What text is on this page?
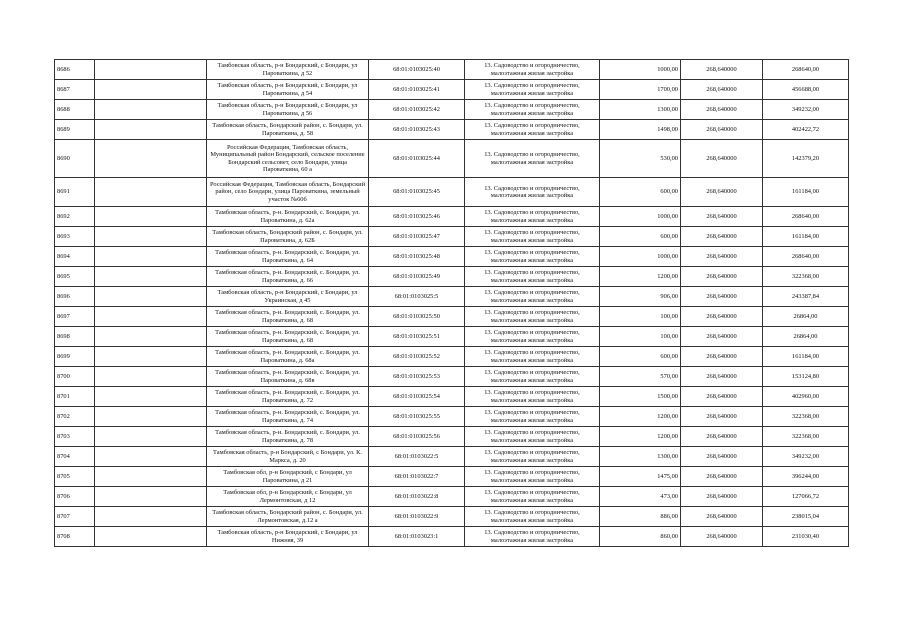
8686		Тамбовская область, р-н Бондарский, с Бондари, ул Пароваткина, д 52	68:01:0103025:40	13. Садоводство и огородничество, малоэтажная жилая застройка	1000,00	268,640000	268640,00
8687		Тамбовская область, р-н Бондарский, с Бондари, ул Пароваткина, д 54	68:01:0103025:41	13. Садоводство и огородничество, малоэтажная жилая застройка	1700,00	268,640000	456688,00
8688		Тамбовская область, р-н Бондарский, с Бондари, ул Пароваткина, д 56	68:01:0103025:42	13. Садоводство и огородничество, малоэтажная жилая застройка	1300,00	268,640000	349232,00
8689		Тамбовская область, Бондарский район, с. Бондари, ул. Пароваткина, д. 58	68:01:0103025:43	13. Садоводство и огородничество, малоэтажная жилая застройка	1498,00	268,640000	402422,72
8690		Российская Федерация, Тамбовская область, Муниципальный район Бондарский, сельское поселение Бондарский сельсовет, село Бондари, улица Пароваткина, 60 а	68:01:0103025:44	13. Садоводство и огородничество, малоэтажная жилая застройка	530,00	268,640000	142379,20
8691		Российская Федерация, Тамбовская область, Бондарский район, село Бондари, улица Пароваткина, земельный участок №60б	68:01:0103025:45	13. Садоводство и огородничество, малоэтажная жилая застройка	600,00	268,640000	161184,00
8692		Тамбовская область, р-н. Бондарский, с. Бондари, ул. Пароваткина, д. 62а	68:01:0103025:46	13. Садоводство и огородничество, малоэтажная жилая застройка	1000,00	268,640000	268640,00
8693		Тамбовская область, Бондарский район, с. Бондари, ул. Пароваткина, д. 62Б	68:01:0103025:47	13. Садоводство и огородничество, малоэтажная жилая застройка	600,00	268,640000	161184,00
8694		Тамбовская область, р-н. Бондарский, с. Бондари, ул. Пароваткина, д. 64	68:01:0103025:48	13. Садоводство и огородничество, малоэтажная жилая застройка	1000,00	268,640000	268640,00
8695		Тамбовская область, р-н. Бондарский, с. Бондари, ул. Пароваткина, д. 66	68:01:0103025:49	13. Садоводство и огородничество, малоэтажная жилая застройка	1200,00	268,640000	322368,00
8696		Тамбовская область, р-н Бондарский, с Бондари, ул Украинская, д 45	68:01:0103025:5	13. Садоводство и огородничество, малоэтажная жилая застройка	906,00	268,640000	243387,84
8697		Тамбовская область, р-н. Бондарский, с. Бондари, ул. Пароваткина, д. 68	68:01:0103025:50	13. Садоводство и огородничество, малоэтажная жилая застройка	100,00	268,640000	26864,00
8698		Тамбовская область, р-н. Бондарский, с. Бондари, ул. Пароваткина, д. 68	68:01:0103025:51	13. Садоводство и огородничество, малоэтажная жилая застройка	100,00	268,640000	26864,00
8699		Тамбовская область, р-н. Бондарский, с. Бондари, ул. Пароваткина, д. 68а	68:01:0103025:52	13. Садоводство и огородничество, малоэтажная жилая застройка	600,00	268,640000	161184,00
8700		Тамбовская область, р-н. Бондарский, с. Бондари, ул. Пароваткина, д. 68в	68:01:0103025:53	13. Садоводство и огородничество, малоэтажная жилая застройка	570,00	268,640000	153124,80
8701		Тамбовская область, р-н. Бондарский, с. Бондари, ул. Пароваткина, д. 72	68:01:0103025:54	13. Садоводство и огородничество, малоэтажная жилая застройка	1500,00	268,640000	402960,00
8702		Тамбовская область, р-н. Бондарский, с. Бондари, ул. Пароваткина, д. 74	68:01:0103025:55	13. Садоводство и огородничество, малоэтажная жилая застройка	1200,00	268,640000	322368,00
8703		Тамбовская область, р-н. Бондарский, с. Бондари, ул. Пароваткина, д. 78	68:01:0103025:56	13. Садоводство и огородничество, малоэтажная жилая застройка	1200,00	268,640000	322368,00
8704		Тамбовская область, р-н Бондарский, с Бондари, ул. К. Маркса, д. 20	68:01:0103022:5	13. Садоводство и огородничество, малоэтажная жилая застройка	1300,00	268,640000	349232,00
8705		Тамбовская обл, р-н Бондарский, с Бондари, ул Пароваткина, д 21	68:01:0103022:7	13. Садоводство и огородничество, малоэтажная жилая застройка	1475,00	268,640000	396244,00
8706		Тамбовская обл, р-н Бондарский, с Бондари, ул Лермонтовская, д 12	68:01:0103022:8	13. Садоводство и огородничество, малоэтажная жилая застройка	473,00	268,640000	127066,72
8707		Тамбовская область, Бондарский район, с. Бондари, ул. Лермонтовская, д.12 а	68:01:0103022:9	13. Садоводство и огородничество, малоэтажная жилая застройка	886,00	268,640000	238015,04
8708		Тамбовская область, р-н Бондарский, с Бондари, ул Нижняя, 39	68:01:0103023:1	13. Садоводство и огородничество, малоэтажная жилая застройка	860,00	268,640000	231030,40
